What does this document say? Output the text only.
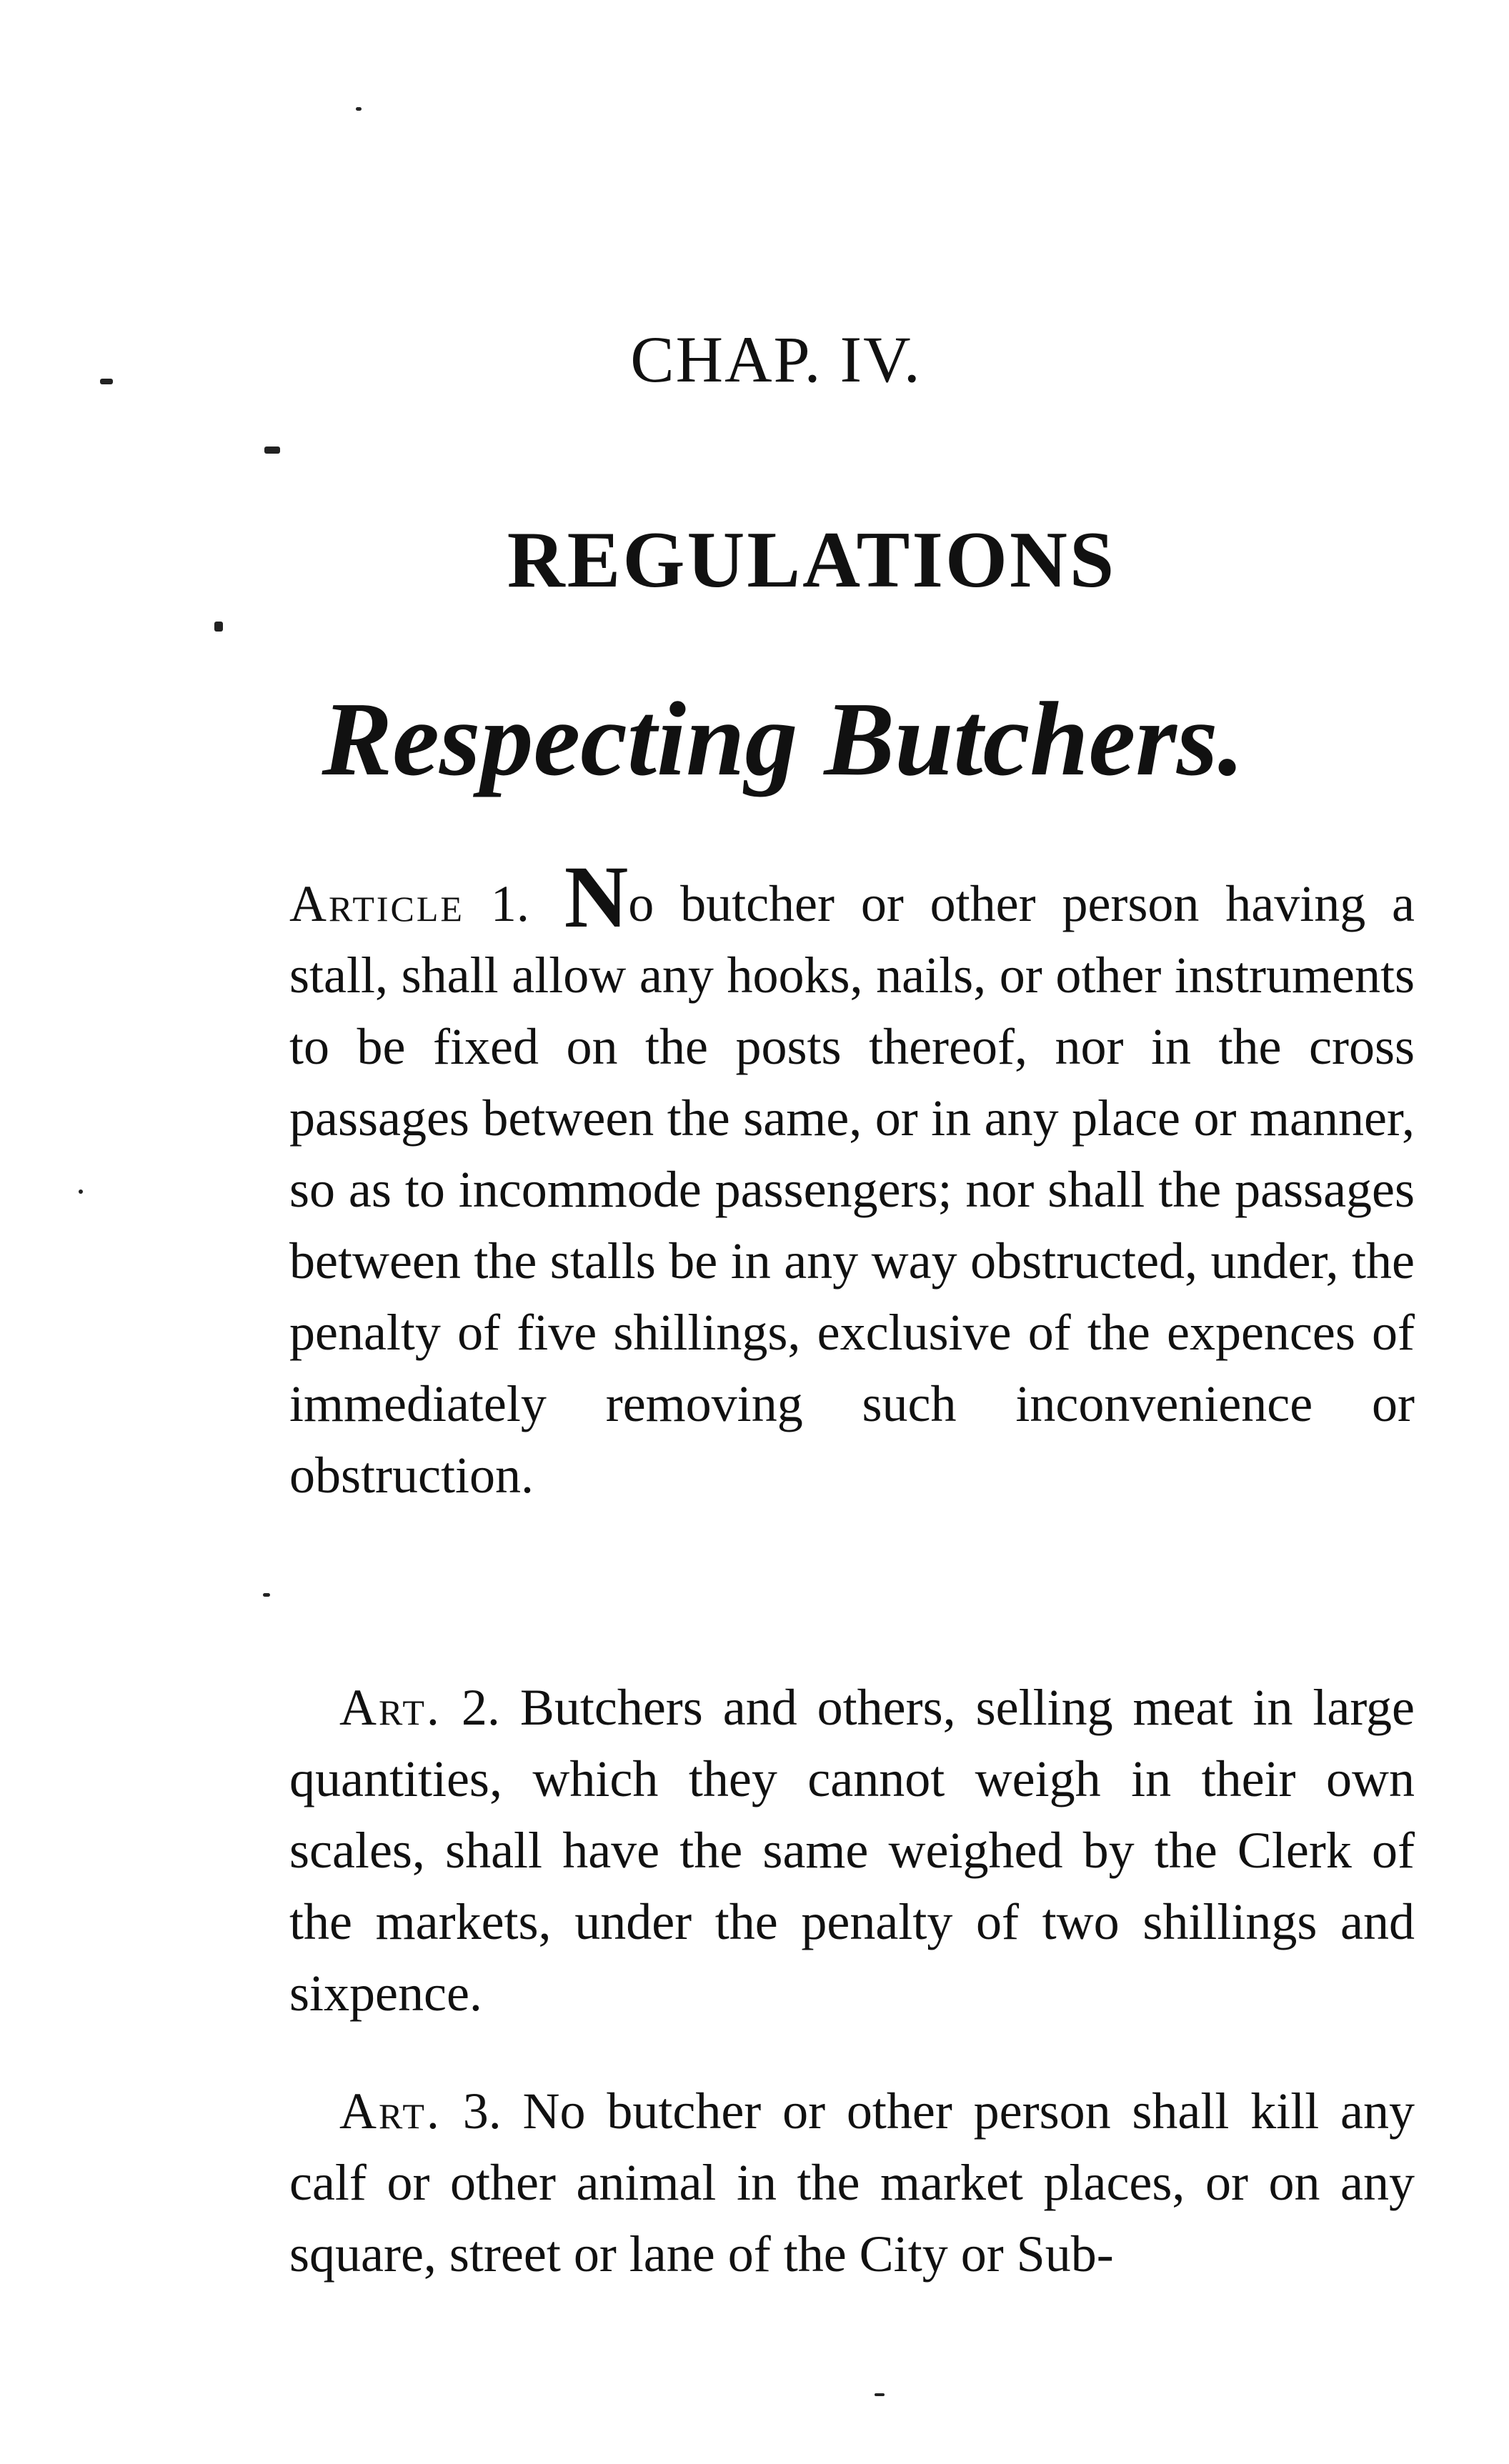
CHAP. IV.
REGULATIONS
Respecting Butchers.

Article 1. No butcher or other person having a stall, shall allow any hooks, nails, or other instruments to be fixed on the posts thereof, nor in the cross passages between the same, or in any place or manner, so as to incommode passengers; nor shall the passages between the stalls be in any way obstructed, under, the penalty of five shillings, exclusive of the expences of immediately removing such inconvenience or obstruction.

Art. 2. Butchers and others, selling meat in large quantities, which they cannot weigh in their own scales, shall have the same weighed by the Clerk of the markets, under the penalty of two shillings and sixpence.

Art. 3. No butcher or other person shall kill any calf or other animal in the market places, or on any square, street or lane of the City or Sub-
